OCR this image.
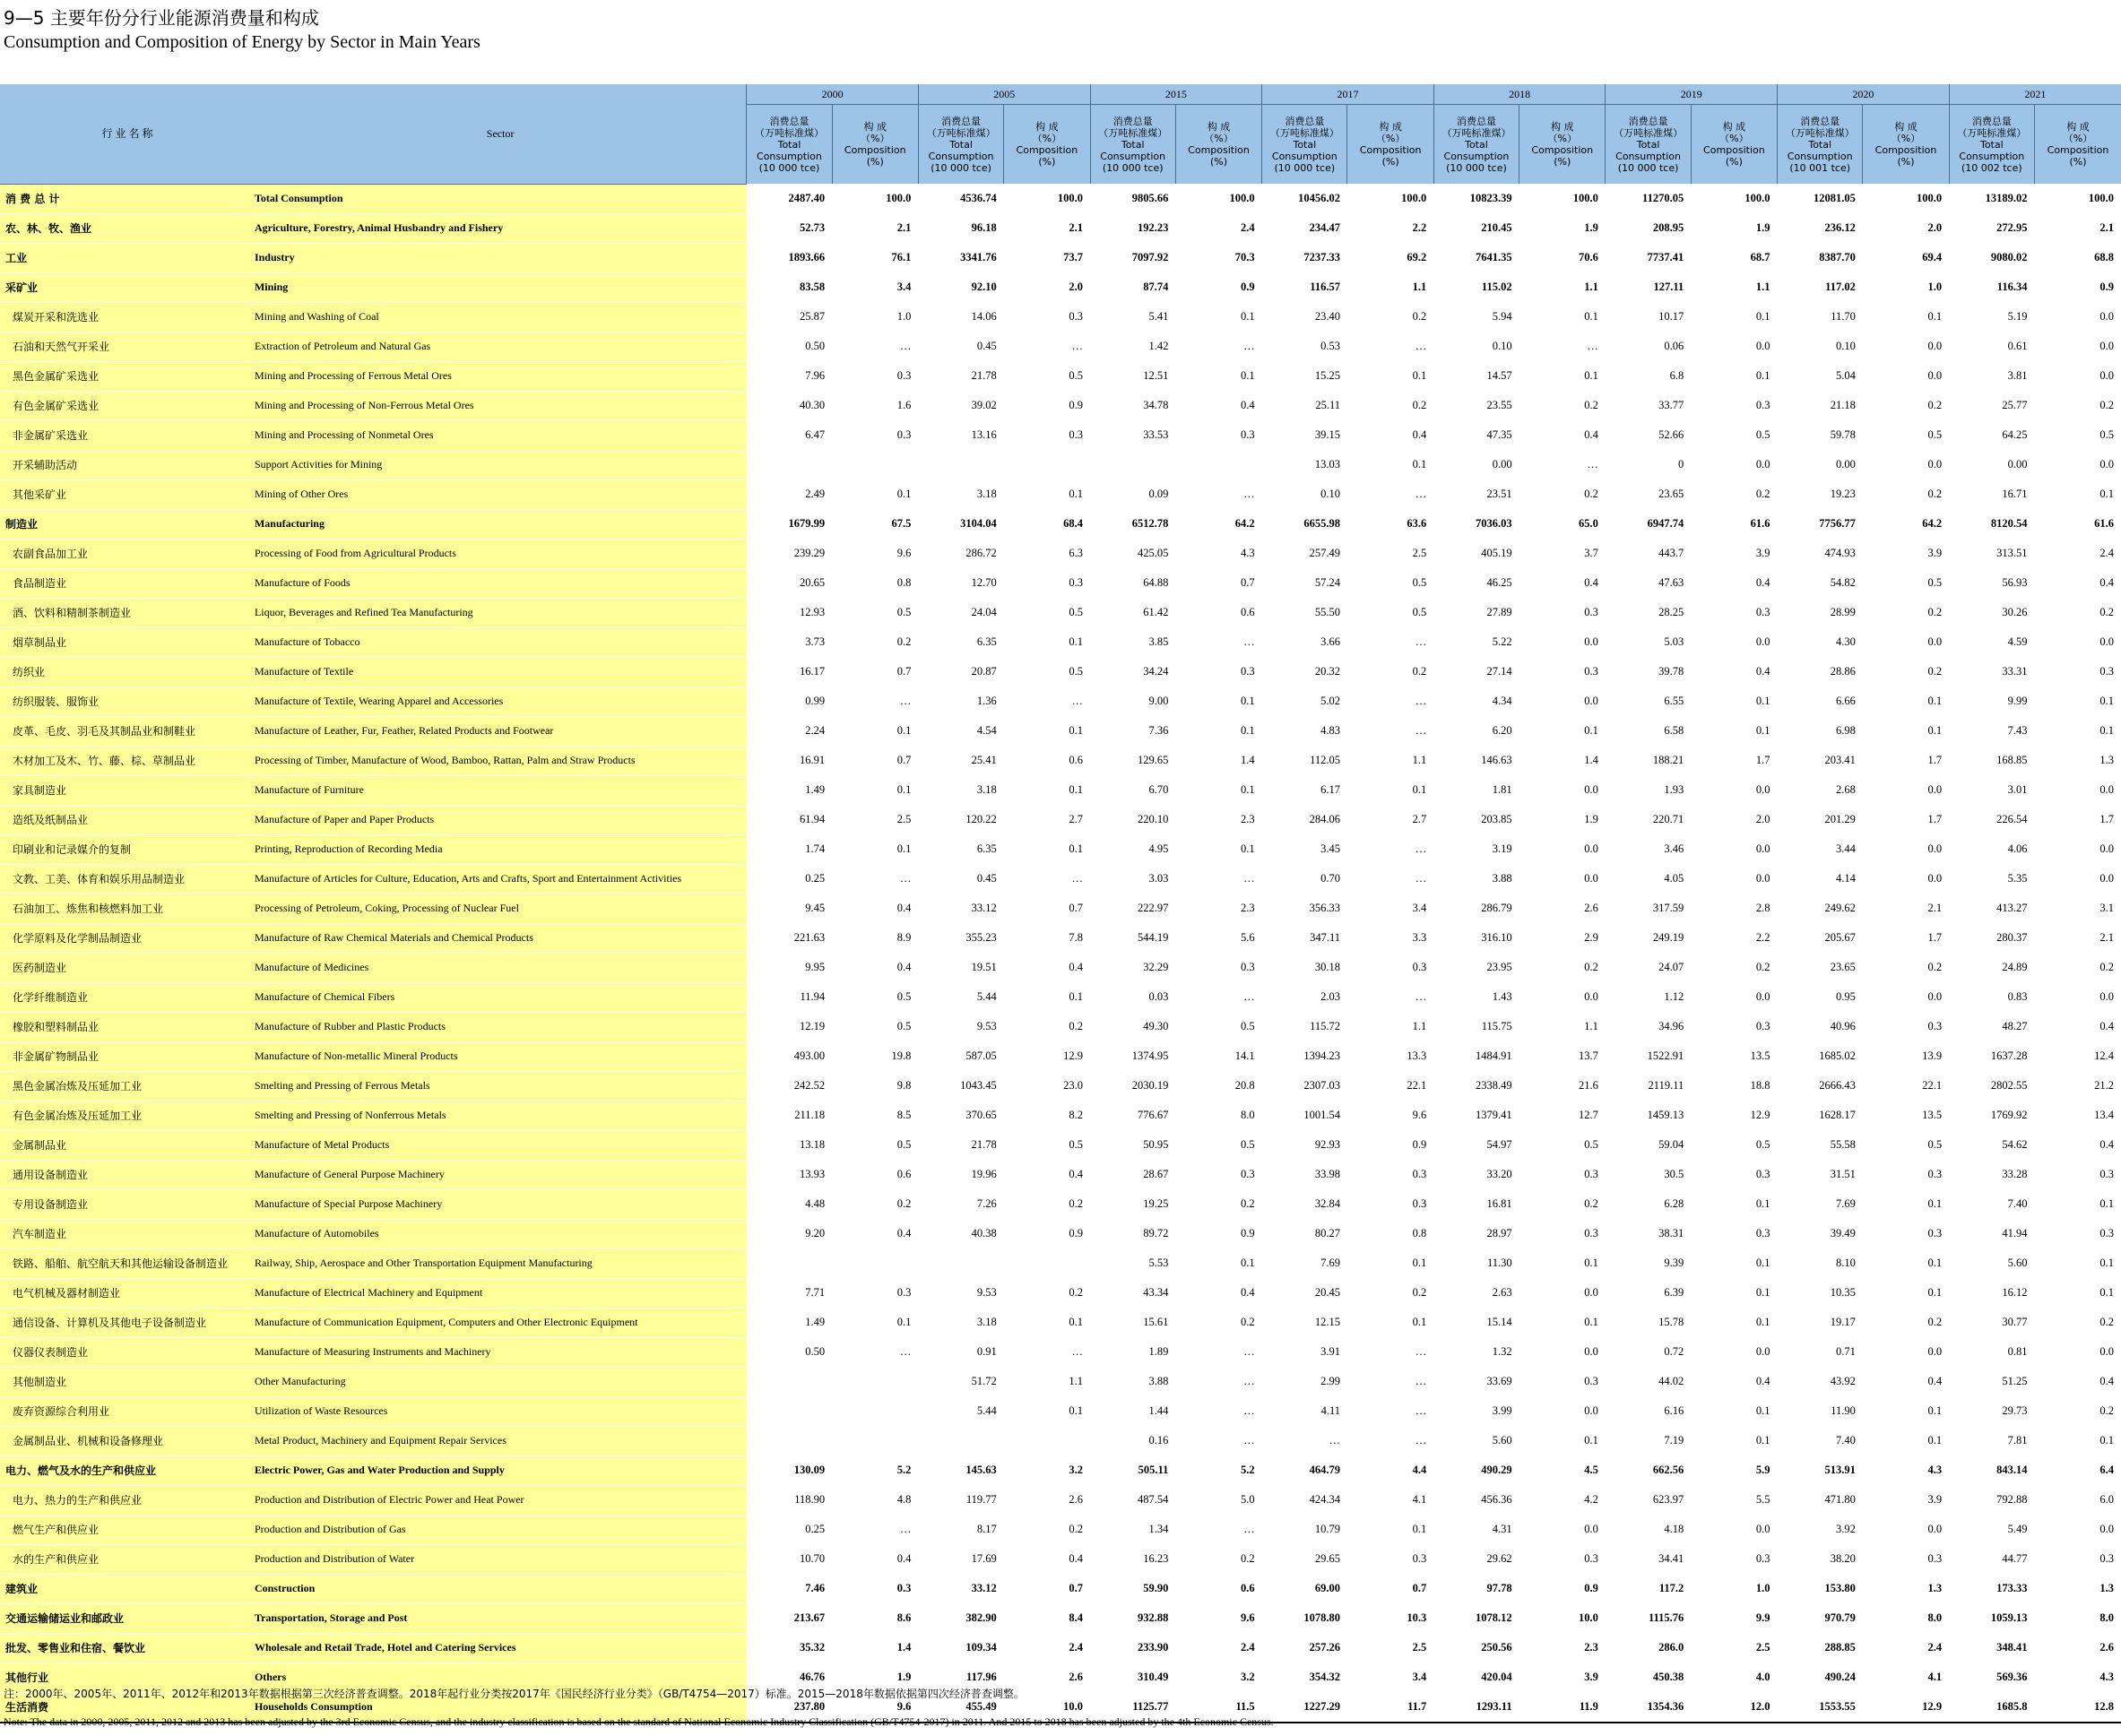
9—5 主要年份分行业能源消费量和构成
Consumption and Composition of Energy by Sector in Main Years
行 业 名 称	Sector	2000		2005		2015		2017		2018		2019		2020		2021	
		消费总量
（万吨标准煤）
Total
Consumption
(10 000 tce)	构 成
（%）
Composition
(%)	消费总量
（万吨标准煤）
Total
Consumption
(10 000 tce)	构 成
（%）
Composition
(%)	消费总量
（万吨标准煤）
Total
Consumption
(10 000 tce)	构 成
（%）
Composition
(%)	消费总量
（万吨标准煤）
Total
Consumption
(10 000 tce)	构 成
（%）
Composition
(%)	消费总量
（万吨标准煤）
Total
Consumption
(10 000 tce)	构 成
（%）
Composition
(%)	消费总量
（万吨标准煤）
Total
Consumption
(10 000 tce)	构 成
（%）
Composition
(%)	消费总量
（万吨标准煤）
Total
Consumption
(10 001 tce)	构 成
（%）
Composition
(%)	消费总量
（万吨标准煤）
Total
Consumption
(10 002 tce)	构 成
（%）
Composition
(%)
消 费 总 计	Total Consumption	2487.40	100.0	4536.74	100.0	9805.66	100.0	10456.02	100.0	10823.39	100.0	11270.05	100.0	12081.05	100.0	13189.02	100.0
农、林、牧、渔业	Agriculture, Forestry, Animal Husbandry and Fishery	52.73	2.1	96.18	2.1	192.23	2.4	234.47	2.2	210.45	1.9	208.95	1.9	236.12	2.0	272.95	2.1
工业	Industry	1893.66	76.1	3341.76	73.7	7097.92	70.3	7237.33	69.2	7641.35	70.6	7737.41	68.7	8387.70	69.4	9080.02	68.8
采矿业	Mining	83.58	3.4	92.10	2.0	87.74	0.9	116.57	1.1	115.02	1.1	127.11	1.1	117.02	1.0	116.34	0.9
煤炭开采和洗选业	Mining and Washing of Coal	25.87	1.0	14.06	0.3	5.41	0.1	23.40	0.2	5.94	0.1	10.17	0.1	11.70	0.1	5.19	0.0
石油和天然气开采业	Extraction of Petroleum and Natural Gas	0.50	…	0.45	…	1.42	…	0.53	…	0.10	…	0.06	0.0	0.10	0.0	0.61	0.0
黑色金属矿采选业	Mining and Processing of Ferrous Metal Ores	7.96	0.3	21.78	0.5	12.51	0.1	15.25	0.1	14.57	0.1	6.8	0.1	5.04	0.0	3.81	0.0
有色金属矿采选业	Mining and Processing of Non-Ferrous Metal Ores	40.30	1.6	39.02	0.9	34.78	0.4	25.11	0.2	23.55	0.2	33.77	0.3	21.18	0.2	25.77	0.2
非金属矿采选业	Mining and Processing of Nonmetal Ores	6.47	0.3	13.16	0.3	33.53	0.3	39.15	0.4	47.35	0.4	52.66	0.5	59.78	0.5	64.25	0.5
开采辅助活动	Support Activities for Mining							13.03	0.1	0.00	…	0	0.0	0.00	0.0	0.00	0.0
其他采矿业	Mining of Other Ores	2.49	0.1	3.18	0.1	0.09	…	0.10	…	23.51	0.2	23.65	0.2	19.23	0.2	16.71	0.1
制造业	Manufacturing	1679.99	67.5	3104.04	68.4	6512.78	64.2	6655.98	63.6	7036.03	65.0	6947.74	61.6	7756.77	64.2	8120.54	61.6
农副食品加工业	Processing of Food from Agricultural Products	239.29	9.6	286.72	6.3	425.05	4.3	257.49	2.5	405.19	3.7	443.7	3.9	474.93	3.9	313.51	2.4
食品制造业	Manufacture of Foods	20.65	0.8	12.70	0.3	64.88	0.7	57.24	0.5	46.25	0.4	47.63	0.4	54.82	0.5	56.93	0.4
酒、饮料和精制茶制造业	Liquor, Beverages and Refined Tea Manufacturing	12.93	0.5	24.04	0.5	61.42	0.6	55.50	0.5	27.89	0.3	28.25	0.3	28.99	0.2	30.26	0.2
烟草制品业	Manufacture of Tobacco	3.73	0.2	6.35	0.1	3.85	…	3.66	…	5.22	0.0	5.03	0.0	4.30	0.0	4.59	0.0
纺织业	Manufacture of Textile	16.17	0.7	20.87	0.5	34.24	0.3	20.32	0.2	27.14	0.3	39.78	0.4	28.86	0.2	33.31	0.3
纺织服装、服饰业	Manufacture of Textile, Wearing Apparel and Accessories	0.99	…	1.36	…	9.00	0.1	5.02	…	4.34	0.0	6.55	0.1	6.66	0.1	9.99	0.1
皮革、毛皮、羽毛及其制品业和制鞋业	Manufacture of Leather, Fur, Feather, Related Products and Footwear	2.24	0.1	4.54	0.1	7.36	0.1	4.83	…	6.20	0.1	6.58	0.1	6.98	0.1	7.43	0.1
木材加工及木、竹、藤、棕、草制品业	Processing of Timber, Manufacture of Wood, Bamboo, Rattan, Palm and Straw Products	16.91	0.7	25.41	0.6	129.65	1.4	112.05	1.1	146.63	1.4	188.21	1.7	203.41	1.7	168.85	1.3
家具制造业	Manufacture of Furniture	1.49	0.1	3.18	0.1	6.70	0.1	6.17	0.1	1.81	0.0	1.93	0.0	2.68	0.0	3.01	0.0
造纸及纸制品业	Manufacture of Paper and Paper Products	61.94	2.5	120.22	2.7	220.10	2.3	284.06	2.7	203.85	1.9	220.71	2.0	201.29	1.7	226.54	1.7
印刷业和记录媒介的复制	Printing, Reproduction of Recording Media	1.74	0.1	6.35	0.1	4.95	0.1	3.45	…	3.19	0.0	3.46	0.0	3.44	0.0	4.06	0.0
文教、工美、体育和娱乐用品制造业	Manufacture of Articles for Culture, Education, Arts and Crafts, Sport and Entertainment Activities	0.25	…	0.45	…	3.03	…	0.70	…	3.88	0.0	4.05	0.0	4.14	0.0	5.35	0.0
石油加工、炼焦和核燃料加工业	Processing of Petroleum, Coking, Processing of Nuclear Fuel	9.45	0.4	33.12	0.7	222.97	2.3	356.33	3.4	286.79	2.6	317.59	2.8	249.62	2.1	413.27	3.1
化学原料及化学制品制造业	Manufacture of Raw Chemical Materials and Chemical Products	221.63	8.9	355.23	7.8	544.19	5.6	347.11	3.3	316.10	2.9	249.19	2.2	205.67	1.7	280.37	2.1
医药制造业	Manufacture of Medicines	9.95	0.4	19.51	0.4	32.29	0.3	30.18	0.3	23.95	0.2	24.07	0.2	23.65	0.2	24.89	0.2
化学纤维制造业	Manufacture of Chemical Fibers	11.94	0.5	5.44	0.1	0.03	…	2.03	…	1.43	0.0	1.12	0.0	0.95	0.0	0.83	0.0
橡胶和塑料制品业	Manufacture of Rubber and Plastic Products	12.19	0.5	9.53	0.2	49.30	0.5	115.72	1.1	115.75	1.1	34.96	0.3	40.96	0.3	48.27	0.4
非金属矿物制品业	Manufacture of Non-metallic Mineral Products	493.00	19.8	587.05	12.9	1374.95	14.1	1394.23	13.3	1484.91	13.7	1522.91	13.5	1685.02	13.9	1637.28	12.4
黑色金属冶炼及压延加工业	Smelting and Pressing of Ferrous Metals	242.52	9.8	1043.45	23.0	2030.19	20.8	2307.03	22.1	2338.49	21.6	2119.11	18.8	2666.43	22.1	2802.55	21.2
有色金属冶炼及压延加工业	Smelting and Pressing of Nonferrous Metals	211.18	8.5	370.65	8.2	776.67	8.0	1001.54	9.6	1379.41	12.7	1459.13	12.9	1628.17	13.5	1769.92	13.4
金属制品业	Manufacture of Metal Products	13.18	0.5	21.78	0.5	50.95	0.5	92.93	0.9	54.97	0.5	59.04	0.5	55.58	0.5	54.62	0.4
通用设备制造业	Manufacture of General Purpose Machinery	13.93	0.6	19.96	0.4	28.67	0.3	33.98	0.3	33.20	0.3	30.5	0.3	31.51	0.3	33.28	0.3
专用设备制造业	Manufacture of Special Purpose Machinery	4.48	0.2	7.26	0.2	19.25	0.2	32.84	0.3	16.81	0.2	6.28	0.1	7.69	0.1	7.40	0.1
汽车制造业	Manufacture of Automobiles	9.20	0.4	40.38	0.9	89.72	0.9	80.27	0.8	28.97	0.3	38.31	0.3	39.49	0.3	41.94	0.3
铁路、船舶、航空航天和其他运输设备制造业	Railway, Ship, Aerospace and Other Transportation Equipment Manufacturing					5.53	0.1	7.69	0.1	11.30	0.1	9.39	0.1	8.10	0.1	5.60	0.1
电气机械及器材制造业	Manufacture of Electrical Machinery and Equipment	7.71	0.3	9.53	0.2	43.34	0.4	20.45	0.2	2.63	0.0	6.39	0.1	10.35	0.1	16.12	0.1
通信设备、计算机及其他电子设备制造业	Manufacture of Communication Equipment, Computers and Other Electronic Equipment	1.49	0.1	3.18	0.1	15.61	0.2	12.15	0.1	15.14	0.1	15.78	0.1	19.17	0.2	30.77	0.2
仪器仪表制造业	Manufacture of Measuring Instruments and Machinery	0.50	…	0.91	…	1.89	…	3.91	…	1.32	0.0	0.72	0.0	0.71	0.0	0.81	0.0
其他制造业	Other Manufacturing			51.72	1.1	3.88	…	2.99	…	33.69	0.3	44.02	0.4	43.92	0.4	51.25	0.4
废弃资源综合利用业	Utilization of Waste Resources			5.44	0.1	1.44	…	4.11	…	3.99	0.0	6.16	0.1	11.90	0.1	29.73	0.2
金属制品业、机械和设备修理业	Metal Product, Machinery and Equipment Repair Services					0.16	…	…	…	5.60	0.1	7.19	0.1	7.40	0.1	7.81	0.1
电力、燃气及水的生产和供应业	Electric Power, Gas and Water Production and Supply	130.09	5.2	145.63	3.2	505.11	5.2	464.79	4.4	490.29	4.5	662.56	5.9	513.91	4.3	843.14	6.4
电力、热力的生产和供应业	Production and Distribution of Electric Power and Heat Power	118.90	4.8	119.77	2.6	487.54	5.0	424.34	4.1	456.36	4.2	623.97	5.5	471.80	3.9	792.88	6.0
燃气生产和供应业	Production and Distribution of Gas	0.25	…	8.17	0.2	1.34	…	10.79	0.1	4.31	0.0	4.18	0.0	3.92	0.0	5.49	0.0
水的生产和供应业	Production and Distribution of Water	10.70	0.4	17.69	0.4	16.23	0.2	29.65	0.3	29.62	0.3	34.41	0.3	38.20	0.3	44.77	0.3
建筑业	Construction	7.46	0.3	33.12	0.7	59.90	0.6	69.00	0.7	97.78	0.9	117.2	1.0	153.80	1.3	173.33	1.3
交通运输储运业和邮政业	Transportation, Storage and Post	213.67	8.6	382.90	8.4	932.88	9.6	1078.80	10.3	1078.12	10.0	1115.76	9.9	970.79	8.0	1059.13	8.0
批发、零售业和住宿、餐饮业	Wholesale and Retail Trade, Hotel and Catering Services	35.32	1.4	109.34	2.4	233.90	2.4	257.26	2.5	250.56	2.3	286.0	2.5	288.85	2.4	348.41	2.6
其他行业	Others	46.76	1.9	117.96	2.6	310.49	3.2	354.32	3.4	420.04	3.9	450.38	4.0	490.24	4.1	569.36	4.3
生活消费	Households Consumption	237.80	9.6	455.49	10.0	1125.77	11.5	1227.29	11.7	1293.11	11.9	1354.36	12.0	1553.55	12.9	1685.8	12.8
注：2000年、2005年、2011年、2012年和2013年数据根据第三次经济普查调整。2018年起行业分类按2017年《国民经济行业分类》（GB/T4754—2017）标准。2015—2018年数据依据第四次经济普查调整。
Note: The data in 2000, 2005, 2011, 2012 and 2013 has been adjusted by the 3rd Economic Census, and the industry classification is based on the standard of National Economic Industry Classification (GB/T4754-2017) in 2011. And 2015 to 2018 has been adjusted by the 4th Economic Census.
